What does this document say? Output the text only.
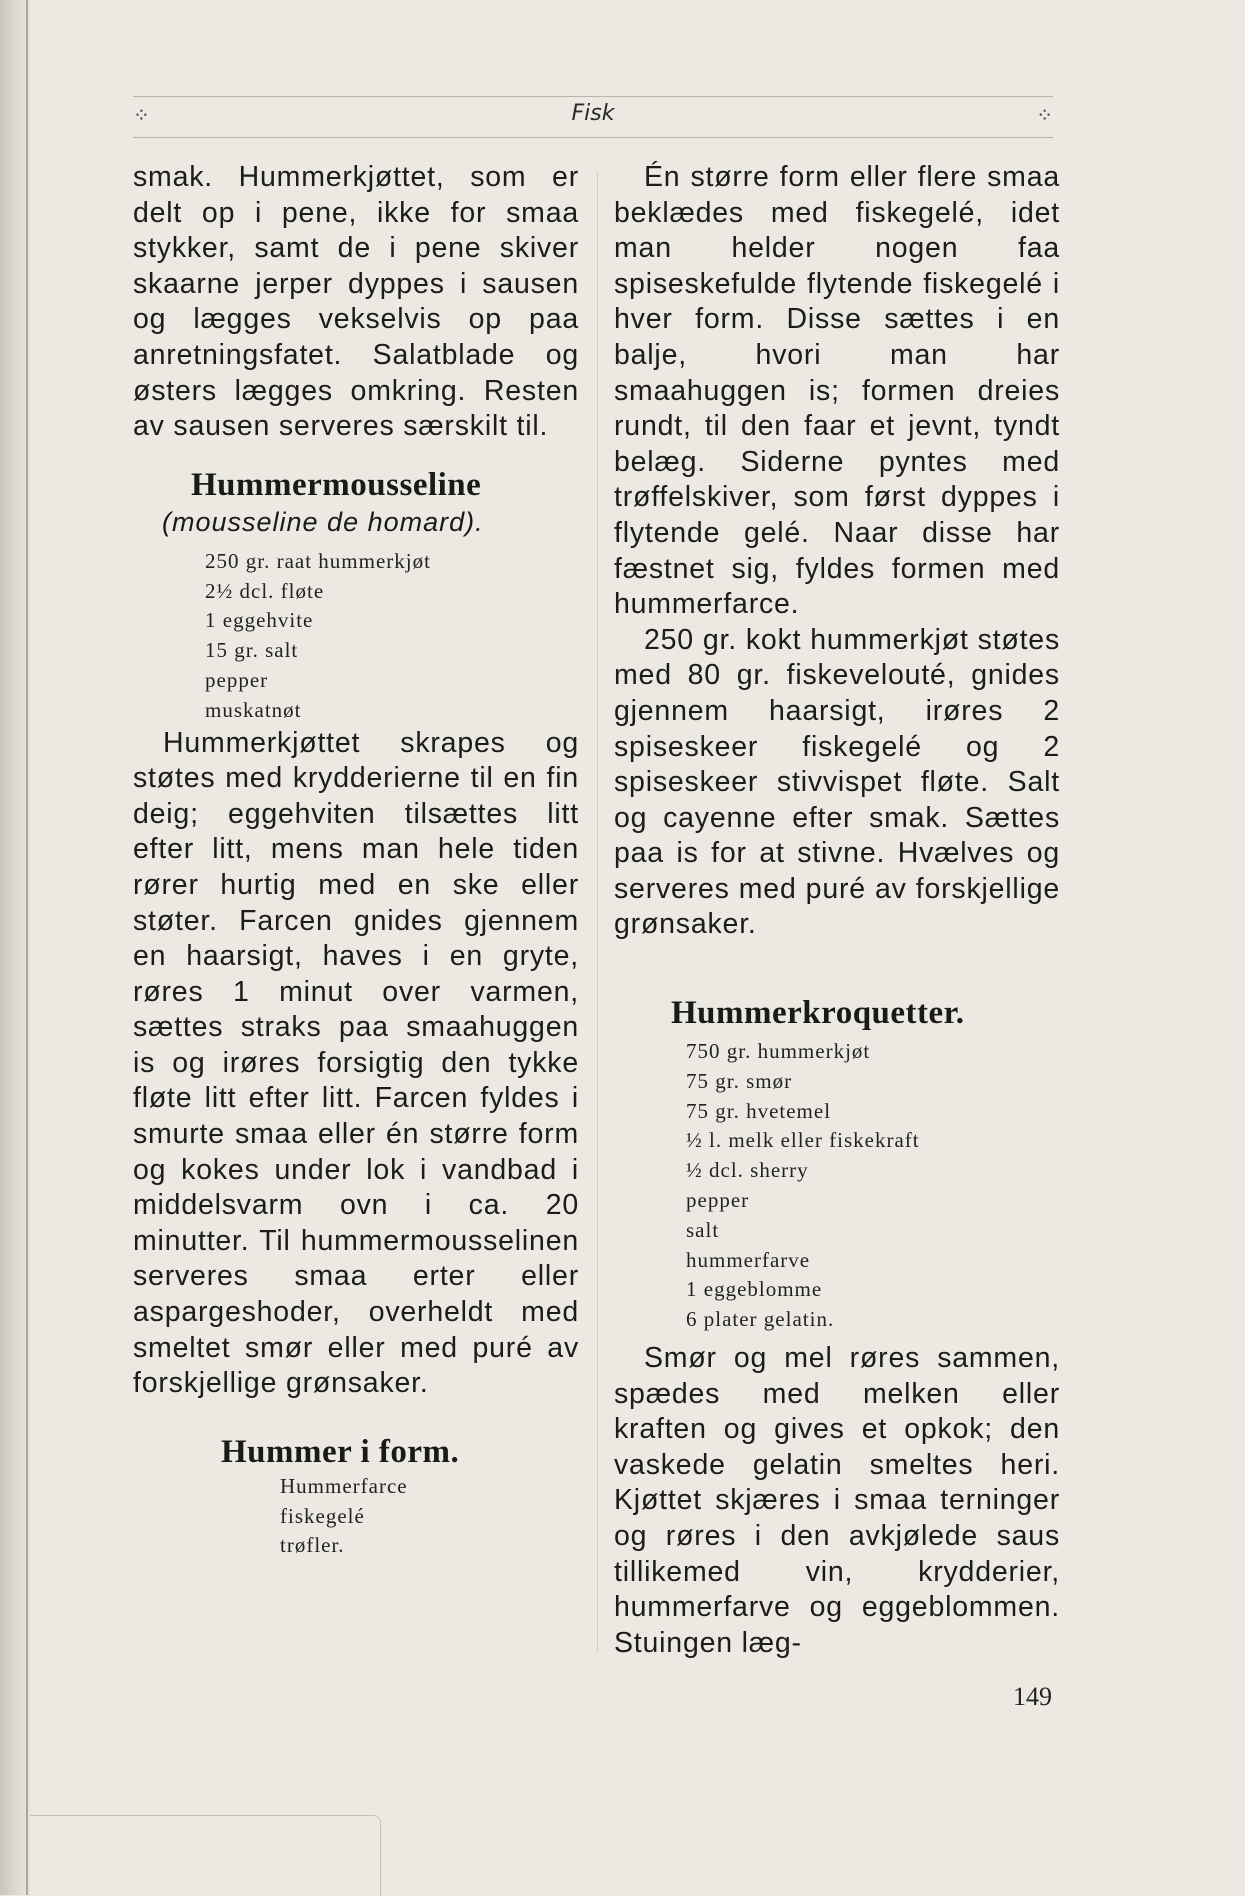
⁘	Fisk	⁘

smak. Hummerkjøttet, som er delt op i pene, ikke for smaa stykker, samt de i pene skiver skaarne jerper dyppes i sausen og lægges vekselvis op paa anretningsfatet. Salatblade og østers lægges omkring. Resten av sausen serveres særskilt til.

Hummermousseline
(mousseline de homard).
250 gr. raat hummerkjøt
2½ dcl. fløte
1 eggehvite
15 gr. salt
pepper
muskatnøt

Hummerkjøttet skrapes og støtes med krydderierne til en fin deig; eggehviten tilsættes litt efter litt, mens man hele tiden rører hurtig med en ske eller støter. Farcen gnides gjennem en haarsigt, haves i en gryte, røres 1 minut over varmen, sættes straks paa smaahuggen is og irøres forsigtig den tykke fløte litt efter litt. Farcen fyldes i smurte smaa eller én større form og kokes under lok i vandbad i middelsvarm ovn i ca. 20 minutter. Til hummermousselinen serveres smaa erter eller aspargeshoder, overheldt med smeltet smør eller med puré av forskjellige grønsaker.

Hummer i form.
Hummerfarce
fiskegelé
trøfler.

Én større form eller flere smaa beklædes med fiskegelé, idet man helder nogen faa spiseskefulde flytende fiskegelé i hver form. Disse sættes i en balje, hvori man har smaahuggen is; formen dreies rundt, til den faar et jevnt, tyndt belæg. Siderne pyntes med trøffelskiver, som først dyppes i flytende gelé. Naar disse har fæstnet sig, fyldes formen med hummerfarce.

250 gr. kokt hummerkjøt støtes med 80 gr. fiskevelouté, gnides gjennem haarsigt, irøres 2 spiseskeer fiskegelé og 2 spiseskeer stivvispet fløte. Salt og cayenne efter smak. Sættes paa is for at stivne. Hvælves og serveres med puré av forskjellige grønsaker.

Hummerkroquetter.
750 gr. hummerkjøt
75 gr. smør
75 gr. hvetemel
½ l. melk eller fiskekraft
½ dcl. sherry
pepper
salt
hummerfarve
1 eggeblomme
6 plater gelatin.

Smør og mel røres sammen, spædes med melken eller kraften og gives et opkok; den vaskede gelatin smeltes heri. Kjøttet skjæres i smaa terninger og røres i den avkjølede saus tillikemed vin, krydderier, hummerfarve og eggeblommen. Stuingen læg-

149
